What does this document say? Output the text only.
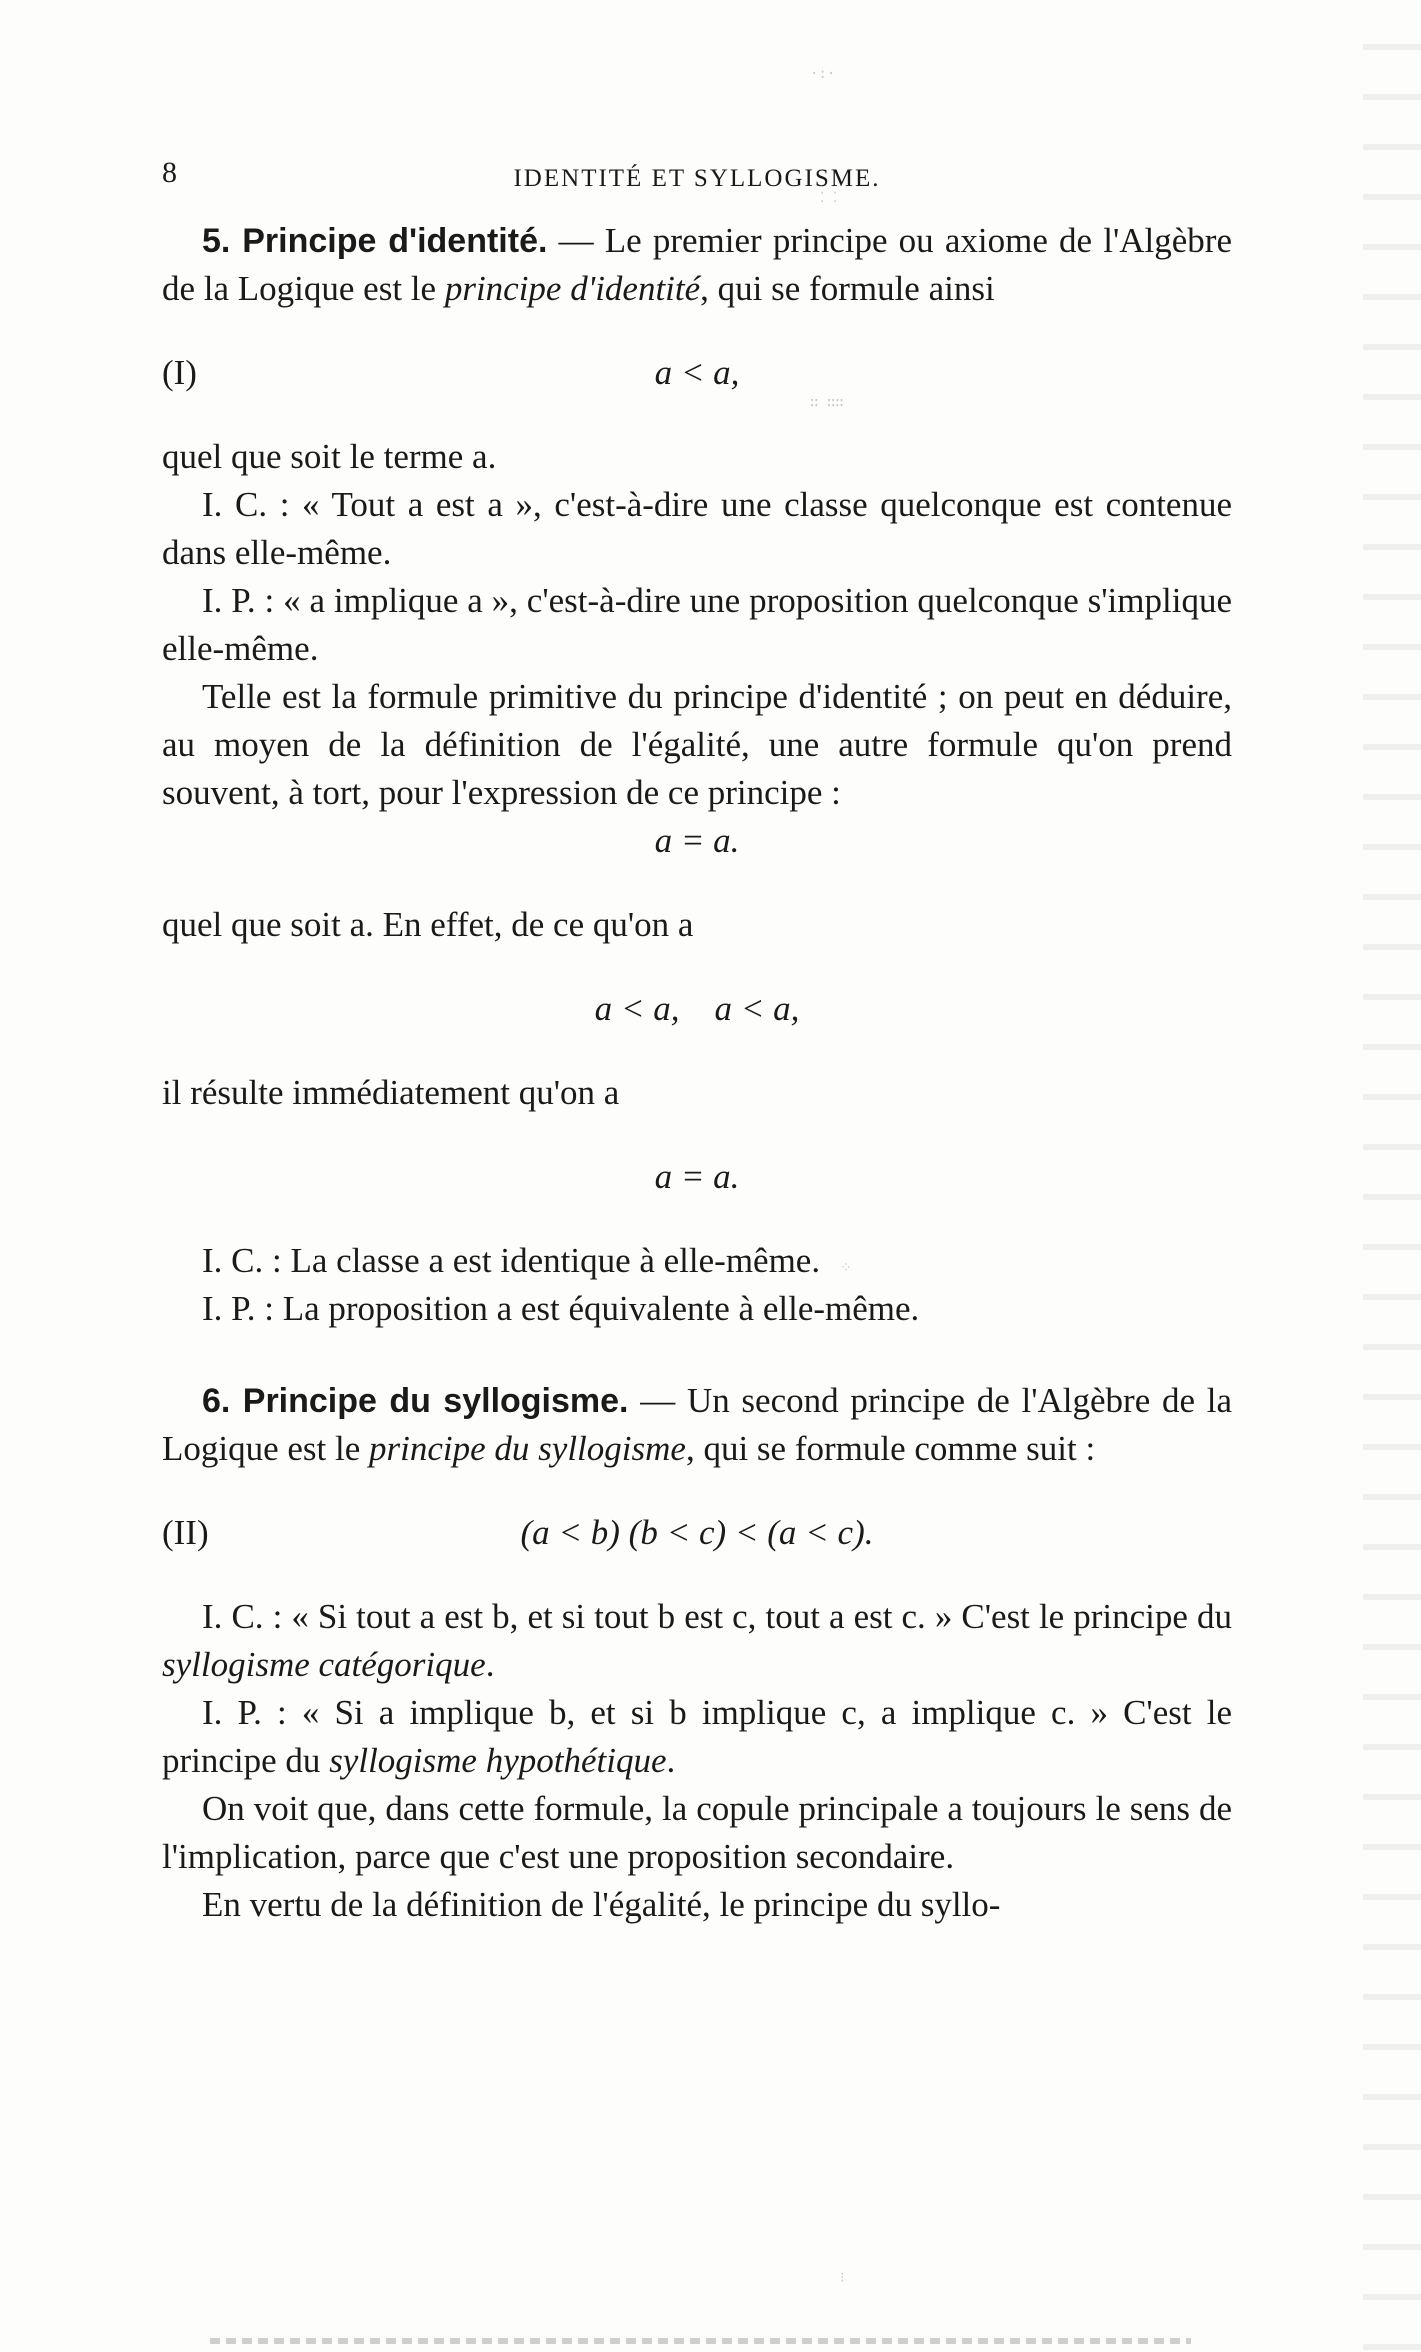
·:·
⁚ ⁚
∷ ∷∷
⁘
⁝
8	IDENTITÉ ET SYLLOGISME.

5. Principe d'identité. — Le premier principe ou axiome de l'Algèbre de la Logique est le principe d'identité, qui se formule ainsi

(I)	a < a,

quel que soit le terme a.

I. C. : « Tout a est a », c'est-à-dire une classe quelconque est contenue dans elle-même.

I. P. : « a implique a », c'est-à-dire une proposition quelconque s'implique elle-même.

Telle est la formule primitive du principe d'identité ; on peut en déduire, au moyen de la définition de l'égalité, une autre formule qu'on prend souvent, à tort, pour l'expression de ce principe :

a = a.

quel que soit a. En effet, de ce qu'on a

a < a,    a < a,

il résulte immédiatement qu'on a

a = a.

I. C. : La classe a est identique à elle-même.

I. P. : La proposition a est équivalente à elle-même.

6. Principe du syllogisme. — Un second principe de l'Algèbre de la Logique est le principe du syllogisme, qui se formule comme suit :

(II)	(a < b) (b < c) < (a < c).

I. C. : « Si tout a est b, et si tout b est c, tout a est c. » C'est le principe du syllogisme catégorique.

I. P. : « Si a implique b, et si b implique c, a implique c. » C'est le principe du syllogisme hypothétique.

On voit que, dans cette formule, la copule principale a toujours le sens de l'implication, parce que c'est une proposition secondaire.

En vertu de la définition de l'égalité, le principe du syllo-
